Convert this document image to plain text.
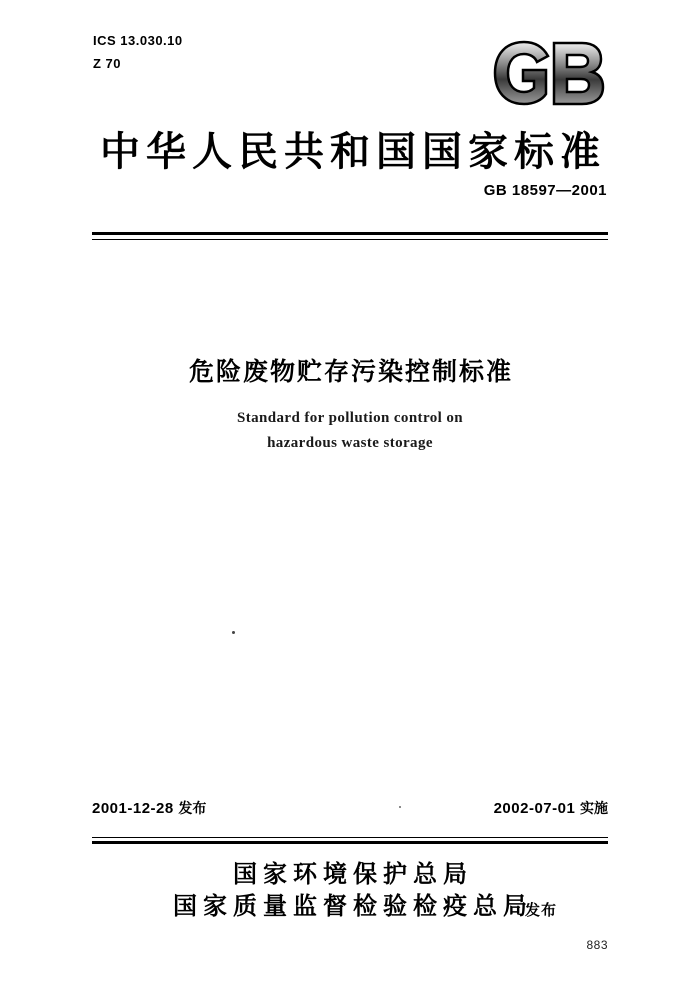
ICS 13.030.10
Z 70
中华人民共和国国家标准
GB 18597—2001
危险废物贮存污染控制标准
Standard for pollution control on
hazardous waste storage
2001-12-28 发布	2002-07-01 实施
国家环境保护总局
国家质量监督检验检疫总局
发布
883
